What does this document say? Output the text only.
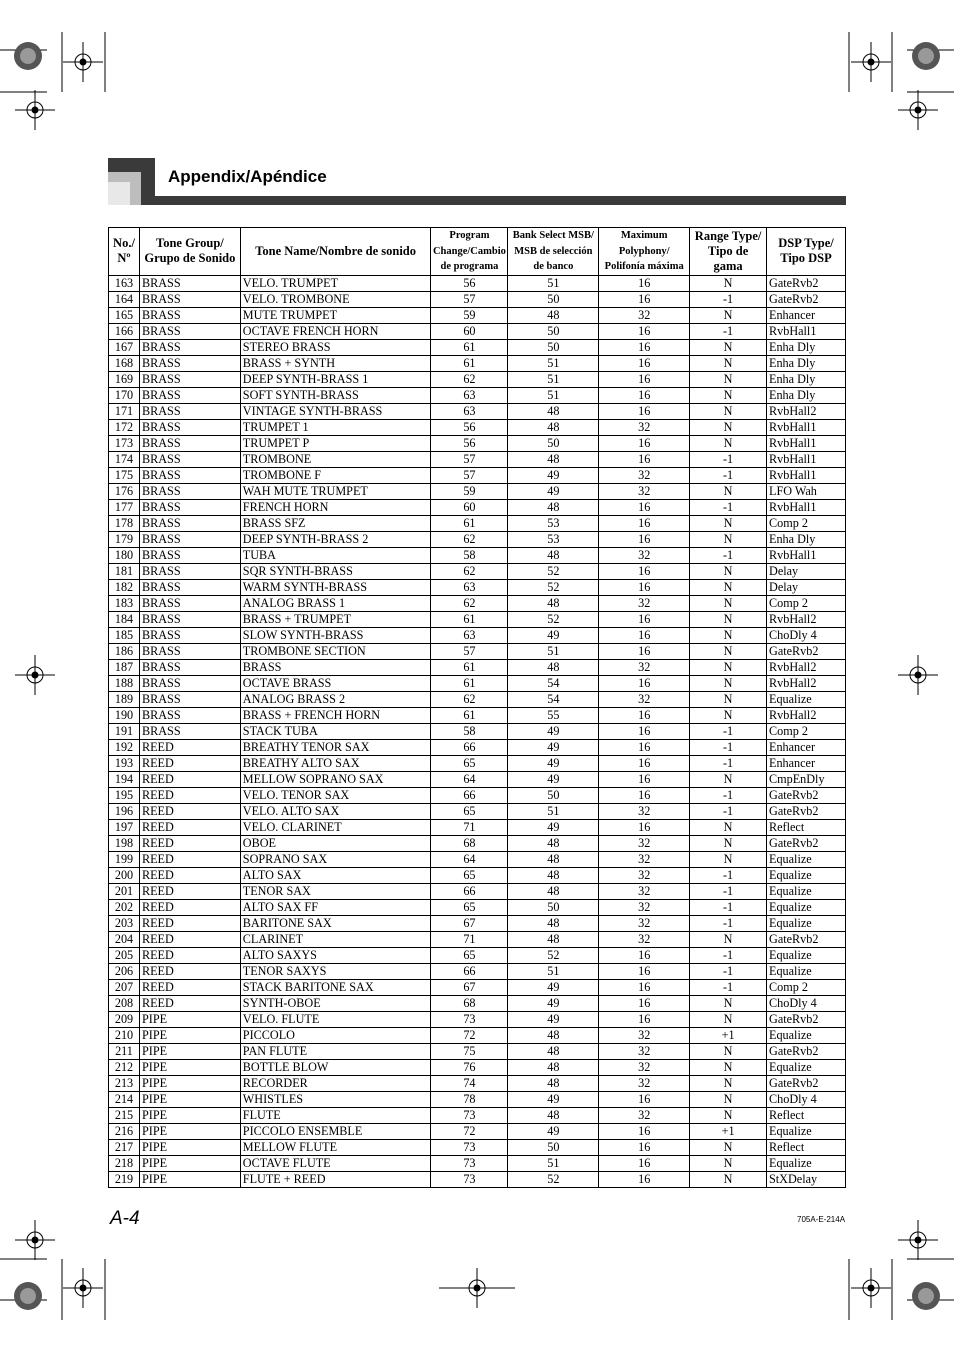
Appendix/Apéndice
No./ Nº	Tone Group/ Grupo de Sonido	Tone Name/Nombre de sonido	Program Change/Cambio de programa	Bank Select MSB/ MSB de selección de banco	Maximum Polyphony/ Polifonía máxima	Range Type/ Tipo de gama	DSP Type/ Tipo DSP
163	BRASS	VELO. TRUMPET	56	51	16	N	GateRvb2
164	BRASS	VELO. TROMBONE	57	50	16	-1	GateRvb2
165	BRASS	MUTE TRUMPET	59	48	32	N	Enhancer
166	BRASS	OCTAVE FRENCH HORN	60	50	16	-1	RvbHall1
167	BRASS	STEREO BRASS	61	50	16	N	Enha Dly
168	BRASS	BRASS + SYNTH	61	51	16	N	Enha Dly
169	BRASS	DEEP SYNTH-BRASS 1	62	51	16	N	Enha Dly
170	BRASS	SOFT SYNTH-BRASS	63	51	16	N	Enha Dly
171	BRASS	VINTAGE SYNTH-BRASS	63	48	16	N	RvbHall2
172	BRASS	TRUMPET 1	56	48	32	N	RvbHall1
173	BRASS	TRUMPET P	56	50	16	N	RvbHall1
174	BRASS	TROMBONE	57	48	16	-1	RvbHall1
175	BRASS	TROMBONE F	57	49	32	-1	RvbHall1
176	BRASS	WAH MUTE TRUMPET	59	49	32	N	LFO Wah
177	BRASS	FRENCH HORN	60	48	16	-1	RvbHall1
178	BRASS	BRASS SFZ	61	53	16	N	Comp 2
179	BRASS	DEEP SYNTH-BRASS 2	62	53	16	N	Enha Dly
180	BRASS	TUBA	58	48	32	-1	RvbHall1
181	BRASS	SQR SYNTH-BRASS	62	52	16	N	Delay
182	BRASS	WARM SYNTH-BRASS	63	52	16	N	Delay
183	BRASS	ANALOG BRASS 1	62	48	32	N	Comp 2
184	BRASS	BRASS + TRUMPET	61	52	16	N	RvbHall2
185	BRASS	SLOW SYNTH-BRASS	63	49	16	N	ChoDly 4
186	BRASS	TROMBONE SECTION	57	51	16	N	GateRvb2
187	BRASS	BRASS	61	48	32	N	RvbHall2
188	BRASS	OCTAVE BRASS	61	54	16	N	RvbHall2
189	BRASS	ANALOG BRASS 2	62	54	32	N	Equalize
190	BRASS	BRASS + FRENCH HORN	61	55	16	N	RvbHall2
191	BRASS	STACK TUBA	58	49	16	-1	Comp 2
192	REED	BREATHY TENOR SAX	66	49	16	-1	Enhancer
193	REED	BREATHY ALTO SAX	65	49	16	-1	Enhancer
194	REED	MELLOW SOPRANO SAX	64	49	16	N	CmpEnDly
195	REED	VELO. TENOR SAX	66	50	16	-1	GateRvb2
196	REED	VELO. ALTO SAX	65	51	32	-1	GateRvb2
197	REED	VELO. CLARINET	71	49	16	N	Reflect
198	REED	OBOE	68	48	32	N	GateRvb2
199	REED	SOPRANO SAX	64	48	32	N	Equalize
200	REED	ALTO SAX	65	48	32	-1	Equalize
201	REED	TENOR SAX	66	48	32	-1	Equalize
202	REED	ALTO SAX FF	65	50	32	-1	Equalize
203	REED	BARITONE SAX	67	48	32	-1	Equalize
204	REED	CLARINET	71	48	32	N	GateRvb2
205	REED	ALTO SAXYS	65	52	16	-1	Equalize
206	REED	TENOR SAXYS	66	51	16	-1	Equalize
207	REED	STACK BARITONE SAX	67	49	16	-1	Comp 2
208	REED	SYNTH-OBOE	68	49	16	N	ChoDly 4
209	PIPE	VELO. FLUTE	73	49	16	N	GateRvb2
210	PIPE	PICCOLO	72	48	32	+1	Equalize
211	PIPE	PAN FLUTE	75	48	32	N	GateRvb2
212	PIPE	BOTTLE BLOW	76	48	32	N	Equalize
213	PIPE	RECORDER	74	48	32	N	GateRvb2
214	PIPE	WHISTLES	78	49	16	N	ChoDly 4
215	PIPE	FLUTE	73	48	32	N	Reflect
216	PIPE	PICCOLO ENSEMBLE	72	49	16	+1	Equalize
217	PIPE	MELLOW FLUTE	73	50	16	N	Reflect
218	PIPE	OCTAVE FLUTE	73	51	16	N	Equalize
219	PIPE	FLUTE + REED	73	52	16	N	StXDelay
A-4	705A-E-214A
